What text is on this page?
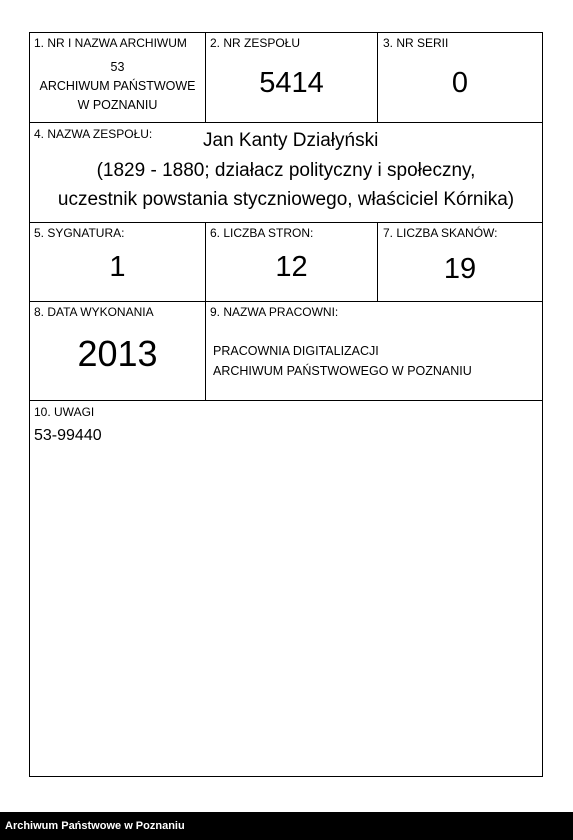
1. NR I NAZWA ARCHIWUM
53
ARCHIWUM PAŃSTWOWE
W POZNANIU
2. NR ZESPOŁU
5414
3. NR SERII
0
4. NAZWA ZESPOŁU:	Jan Kanty Działyński
(1829 - 1880; działacz polityczny i społeczny,
uczestnik powstania styczniowego, właściciel Kórnika)
5. SYGNATURA:
1
6. LICZBA STRON:
12
7. LICZBA SKANÓW:
19
8. DATA WYKONANIA
2013
9. NAZWA PRACOWNI:
PRACOWNIA DIGITALIZACJI
ARCHIWUM PAŃSTWOWEGO W POZNANIU
10. UWAGI
53-99440
Archiwum Państwowe w Poznaniu
